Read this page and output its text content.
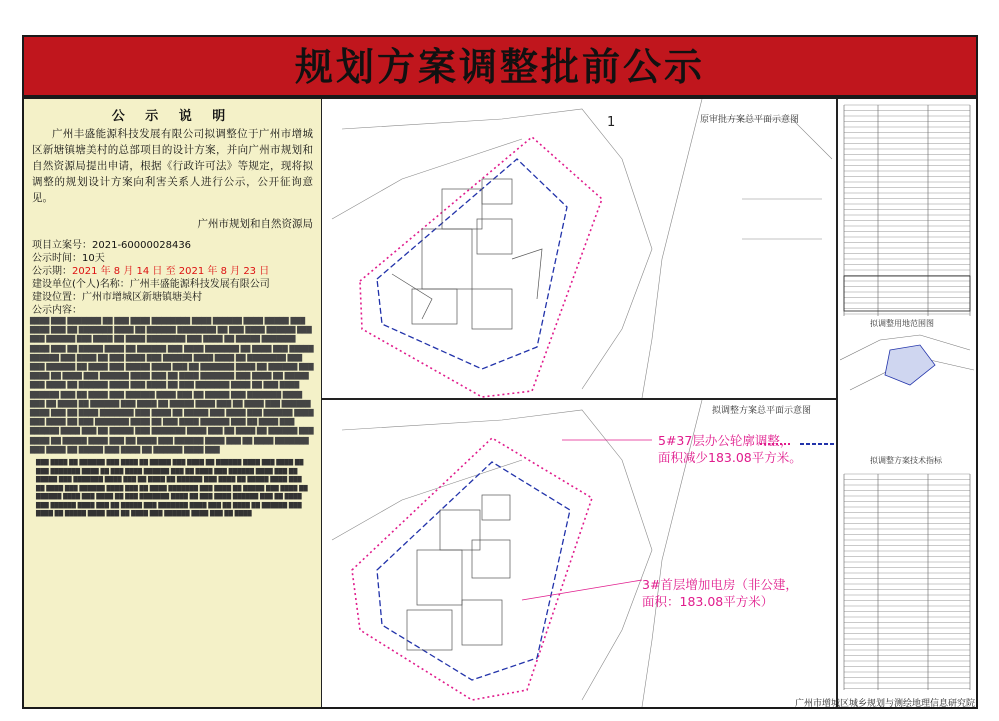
规划方案调整批前公示
公 示 说 明
广州丰盛能源科技发展有限公司拟调整位于广州市增城区新塘镇塘美村的总部项目的设计方案，并向广州市规划和自然资源局提出申请，根据《行政许可法》等规定，现将拟调整的规划设计方案向利害关系人进行公示，公开征询意见。
广州市规划和自然资源局
项目立案号：2021‑60000028436
公示时间：10天
公示期：2021 年 8 月 14 日 至 2021 年 8 月 23 日
建设单位(个人)名称：广州丰盛能源科技发展有限公司
建设位置：广州市增城区新塘镇塘美村
公示内容：
████ ███ ███████ ██ ███ ████ ████████ ████ ██████ ████ █████ ███ ████ ███ ██ ███████ ████ ██ ██████ ████████ ██ ███ ████ ██████ ███ ███ ██████ ███ ████ ██ ████ ████████ ███ ████ ██ █████ ███████ ████ ███ ██ █████ ████ ██ ██████ ███ ████ ███████ ██ ████ ███ █████ ██████ ███ ████ ██ ███ ████ ███ ██████ ████ ████ ██ ████████ ███ ███ ██████ ██ ████ ███ █████ ████ ███ ██ ███████ ████ ██ ██████ ███ ████ ██ ████ ███ ██████ ████ ███ ██ ████ ███████ ███ ████ ██ █████ ███ ████ ██ ██████ ████ ███ ████ ██ ███ ███████ ████ ██ ███ ████ ██████ ███ ██ ████ ███ ██████ ████ ███ ██ █████ ███ ███████ ████ ███ ██ ████ ██ ██████ ███ ████ ██ █████ ████ ███ ██ ████ ███ ██████ ████ ███ ██ ████ ███████ ███ ████ ██ █████ ███ ████ ███ ██████ ████ ███ ████ ██ ███ ███████ ████ ██ ███ ████ ██████ ███ ██ ████ ███ ██████ ████ ███ ██ █████ ███ ███████ ████ ███ ██ ████ ██ ██████ ███ ████ ██ █████ ████ ███ ██ ████ ███ ██████ ████ ███ ██ ████ ███████ ███ ████ ██ █████ ███ ████ ██ ██████ ████ ███
███ ████ ██ ██████ ███ ████ ██ █████ ███ ████ ██ ██████ ████ ███ ████ ██ ███ ███████ ████ ██ ███ ████ ██████ ███ ██ ████ ███ ██████ ████ ███ ██ █████ ███ ███████ ████ ███ ██ ████ ██ ██████ ███ ████ ██ █████ ████ ███ ██ ████ ███ ██████ ████ ███ ██ ████ ███████ ███ ████ ██ █████ ███ ████ ██ ██████ ████ ███ ████ ██ ███ ███████ ████ ██ ███ ████ ██████ ███ ██ ████ ███ ██████ ████ ███ ██ █████ ███ ███████ ████ ███ ██ ████ ██ ██████ ███ ████ ██ █████ ████ ███ ██ ████ ███ ██████ ████ ███ ██ ████
1	原审批方案总平面示意图
拟调整方案总平面示意图
5#37层办公轮廓调整，
面积减少183.08平方米。
3#首层增加电房（非公建，
面积：183.08平方米）
拟调整用地范围图
拟调整方案技术指标
广州市增城区城乡规划与测绘地理信息研究院
